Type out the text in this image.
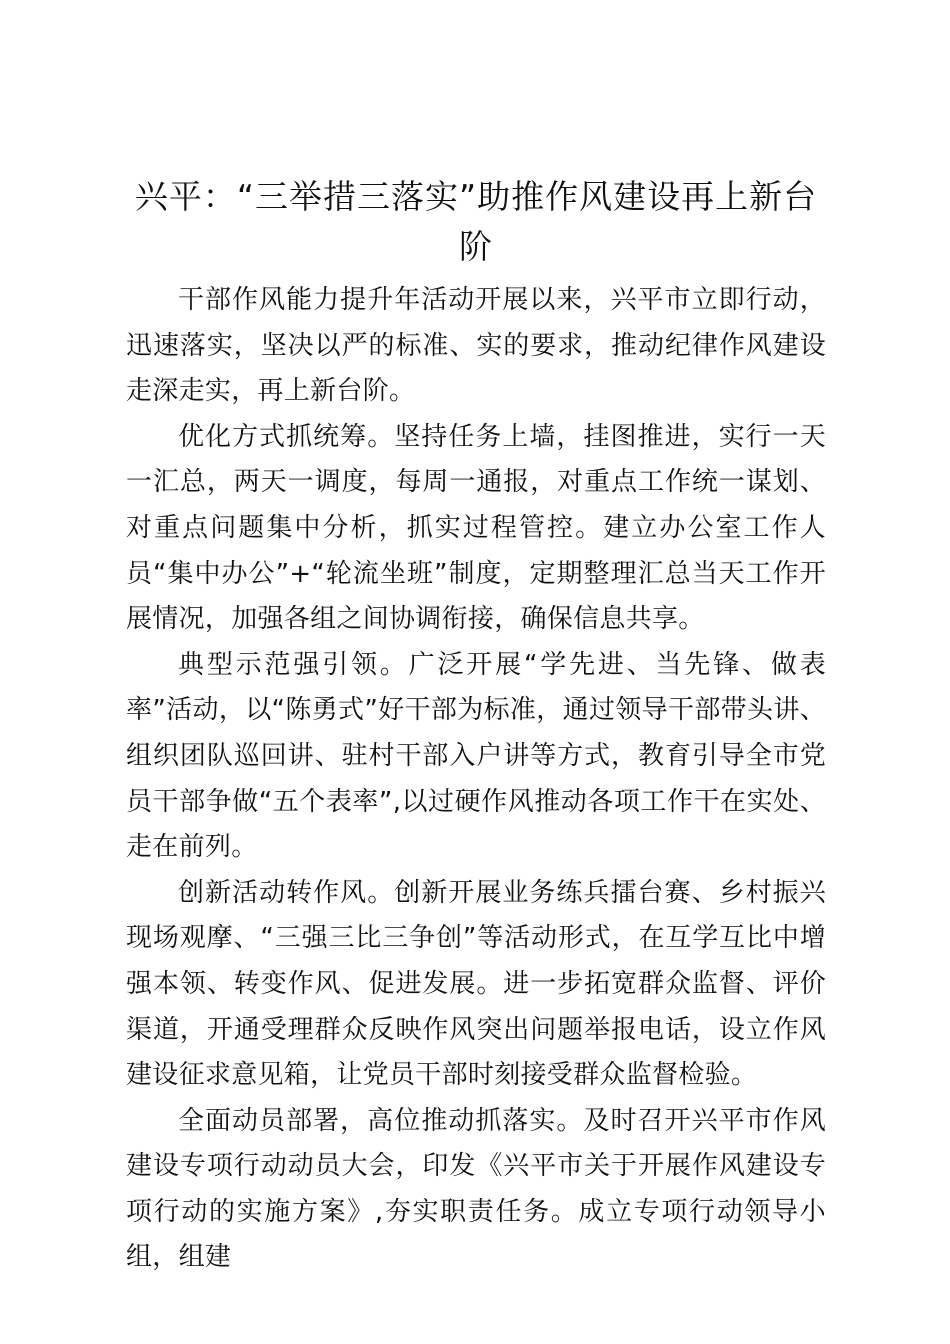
兴平：“三举措三落实”助推作风建设再上新台阶

干部作风能力提升年活动开展以来，兴平市立即行动，迅速落实，坚决以严的标准、实的要求，推动纪律作风建设走深走实，再上新台阶。

优化方式抓统筹。坚持任务上墙，挂图推进，实行一天一汇总，两天一调度，每周一通报，对重点工作统一谋划、对重点问题集中分析，抓实过程管控。建立办公室工作人员“集中办公”+“轮流坐班”制度，定期整理汇总当天工作开展情况，加强各组之间协调衔接，确保信息共享。

典型示范强引领。广泛开展“学先进、当先锋、做表率”活动，以“陈勇式”好干部为标准，通过领导干部带头讲、组织团队巡回讲、驻村干部入户讲等方式，教育引导全市党员干部争做“五个表率”,以过硬作风推动各项工作干在实处、走在前列。

创新活动转作风。创新开展业务练兵擂台赛、乡村振兴现场观摩、“三强三比三争创”等活动形式，在互学互比中增强本领、转变作风、促进发展。进一步拓宽群众监督、评价渠道，开通受理群众反映作风突出问题举报电话，设立作风建设征求意见箱，让党员干部时刻接受群众监督检验。

全面动员部署，高位推动抓落实。及时召开兴平市作风建设专项行动动员大会，印发《兴平市关于开展作风建设专项行动的实施方案》,夯实职责任务。成立专项行动领导小组，组建
